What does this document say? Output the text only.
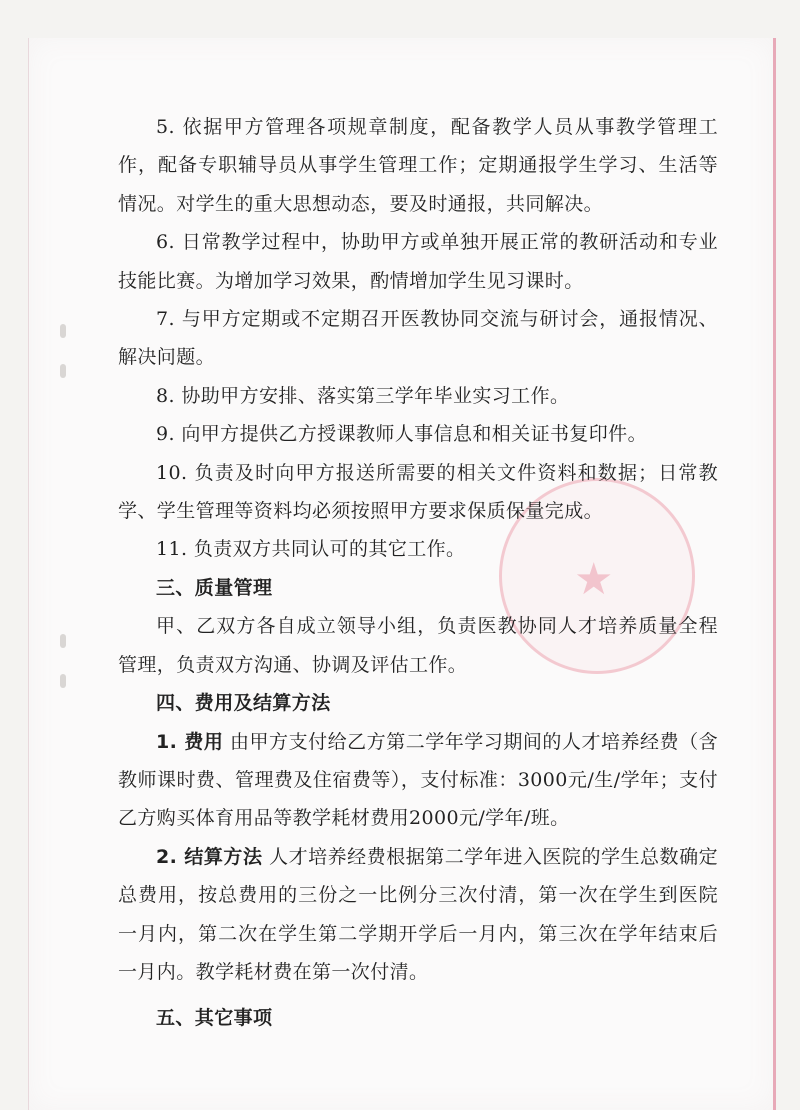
★

5. 依据甲方管理各项规章制度，配备教学人员从事教学管理工作，配备专职辅导员从事学生管理工作；定期通报学生学习、生活等情况。对学生的重大思想动态，要及时通报，共同解决。

6. 日常教学过程中，协助甲方或单独开展正常的教研活动和专业技能比赛。为增加学习效果，酌情增加学生见习课时。

7. 与甲方定期或不定期召开医教协同交流与研讨会，通报情况、解决问题。

8. 协助甲方安排、落实第三学年毕业实习工作。

9. 向甲方提供乙方授课教师人事信息和相关证书复印件。

10. 负责及时向甲方报送所需要的相关文件资料和数据；日常教学、学生管理等资料均必须按照甲方要求保质保量完成。

11. 负责双方共同认可的其它工作。

三、质量管理

甲、乙双方各自成立领导小组，负责医教协同人才培养质量全程管理，负责双方沟通、协调及评估工作。

四、费用及结算方法

1. 费用 由甲方支付给乙方第二学年学习期间的人才培养经费（含教师课时费、管理费及住宿费等），支付标准：3000元/生/学年；支付乙方购买体育用品等教学耗材费用2000元/学年/班。

2. 结算方法 人才培养经费根据第二学年进入医院的学生总数确定总费用，按总费用的三份之一比例分三次付清，第一次在学生到医院一月内，第二次在学生第二学期开学后一月内，第三次在学年结束后一月内。教学耗材费在第一次付清。

五、其它事项
